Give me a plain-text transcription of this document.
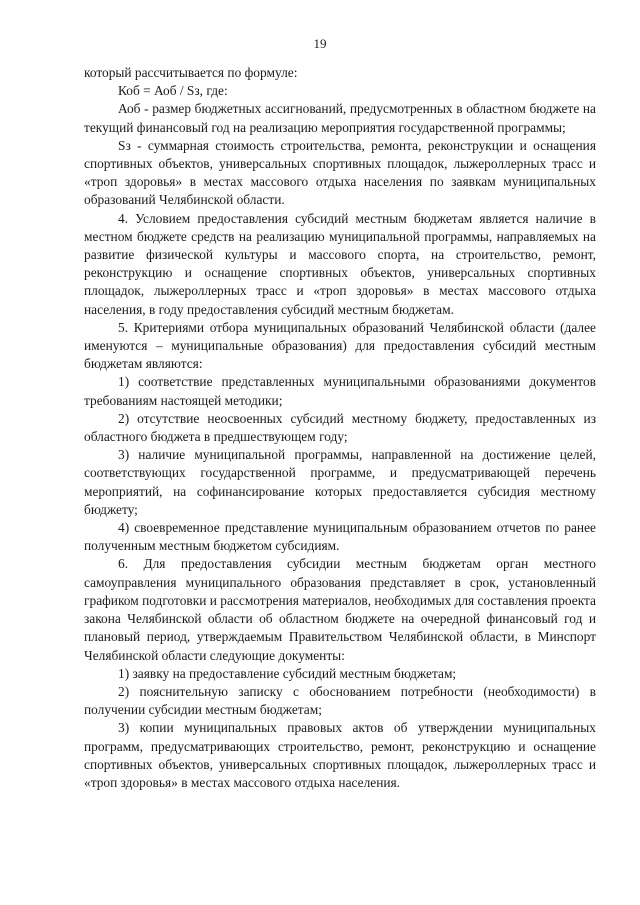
19

который рассчитывается по формуле:

Коб = Аоб / Sз, где:

Аоб - размер бюджетных ассигнований, предусмотренных в областном бюджете на текущий финансовый год на реализацию мероприятия государственной программы;

Sз - суммарная стоимость строительства, ремонта, реконструкции и оснащения спортивных объектов, универсальных спортивных площадок, лыжероллерных трасс и «троп здоровья» в местах массового отдыха населения по заявкам муниципальных образований Челябинской области.

4. Условием предоставления субсидий местным бюджетам является наличие в местном бюджете средств на реализацию муниципальной программы, направляемых на развитие физической культуры и массового спорта, на строительство, ремонт, реконструкцию и оснащение спортивных объектов, универсальных спортивных площадок, лыжероллерных трасс и «троп здоровья» в местах массового отдыха населения, в году предоставления субсидий местным бюджетам.

5. Критериями отбора муниципальных образований Челябинской области (далее именуются – муниципальные образования) для предоставления субсидий местным бюджетам являются:

1) соответствие представленных муниципальными образованиями документов требованиям настоящей методики;

2) отсутствие неосвоенных субсидий местному бюджету, предоставленных из областного бюджета в предшествующем году;

3) наличие муниципальной программы, направленной на достижение целей, соответствующих государственной программе, и предусматривающей перечень мероприятий, на софинансирование которых предоставляется субсидия местному бюджету;

4) своевременное представление муниципальным образованием отчетов по ранее полученным местным бюджетом субсидиям.

6. Для предоставления субсидии местным бюджетам орган местного самоуправления муниципального образования представляет в срок, установленный графиком подготовки и рассмотрения материалов, необходимых для составления проекта закона Челябинской области об областном бюджете на очередной финансовый год и плановый период, утверждаемым Правительством Челябинской области, в Минспорт Челябинской области следующие документы:

1) заявку на предоставление субсидий местным бюджетам;

2) пояснительную записку с обоснованием потребности (необходимости) в получении субсидии местным бюджетам;

3) копии муниципальных правовых актов об утверждении муниципальных программ, предусматривающих строительство, ремонт, реконструкцию и оснащение спортивных объектов, универсальных спортивных площадок, лыжероллерных трасс и «троп здоровья» в местах массового отдыха населения.
